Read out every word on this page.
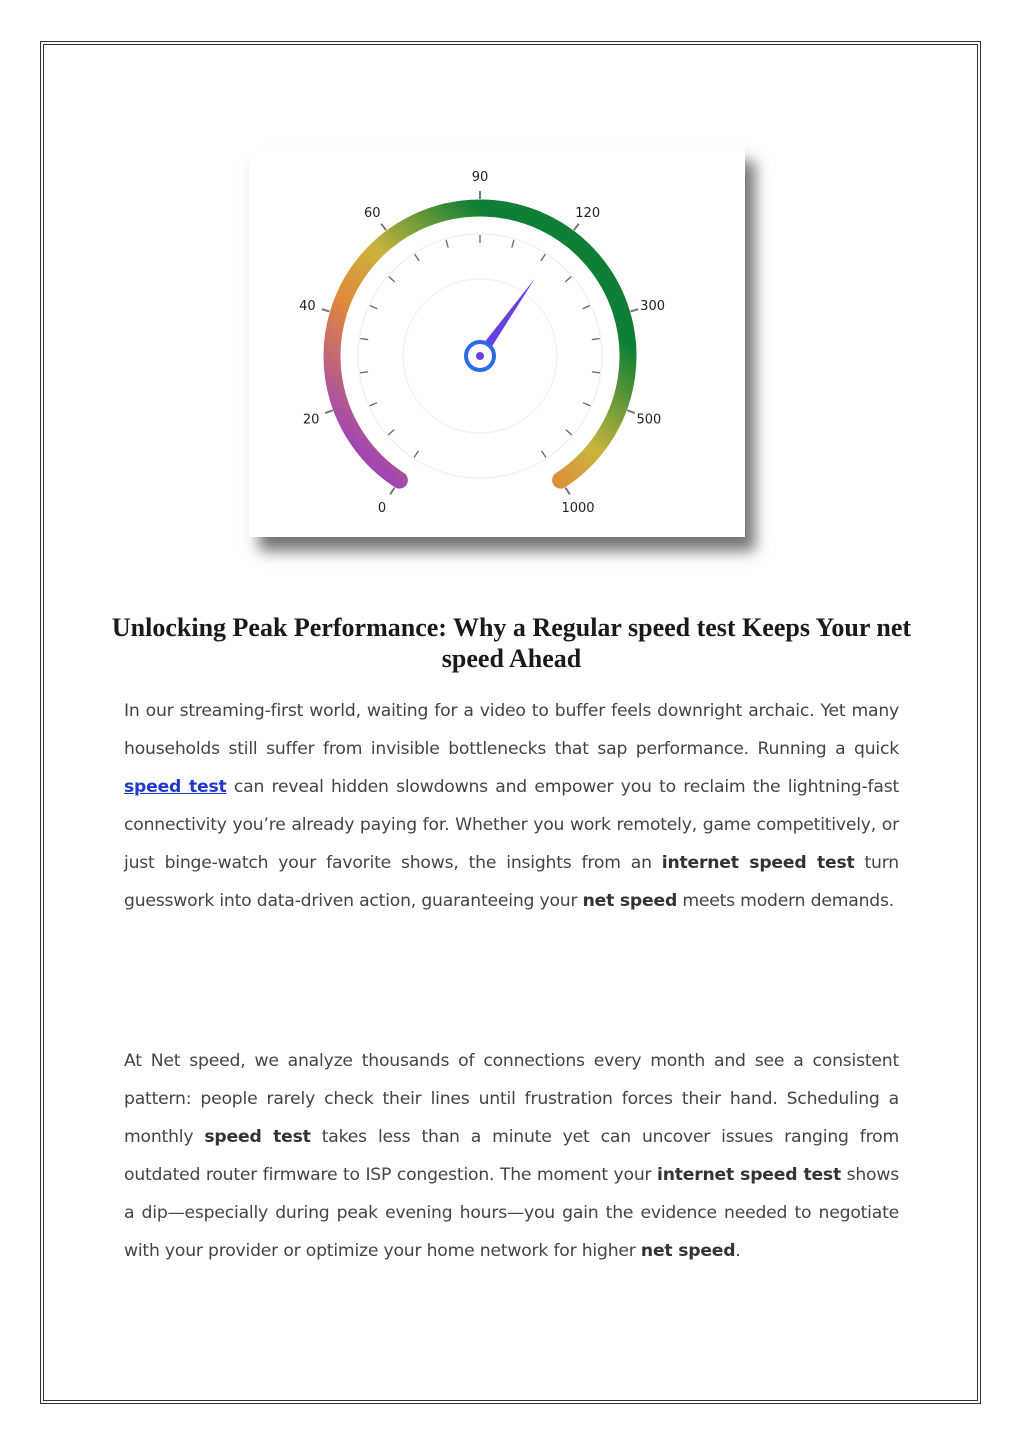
0
20
40
60
90
120
300
500
1000
Unlocking Peak Performance: Why a Regular speed test Keeps Your net speed Ahead

In our streaming-first world, waiting for a video to buffer feels downright archaic. Yet many households still suffer from invisible bottlenecks that sap performance. Running a quick speed test can reveal hidden slowdowns and empower you to reclaim the lightning-fast connectivity you’re already paying for. Whether you work remotely, game competitively, or just binge-watch your favorite shows, the insights from an internet speed test turn guesswork into data-driven action, guaranteeing your net speed meets modern demands.

At Net speed, we analyze thousands of connections every month and see a consistent pattern: people rarely check their lines until frustration forces their hand. Scheduling a monthly speed test takes less than a minute yet can uncover issues ranging from outdated router firmware to ISP congestion. The moment your internet speed test shows a dip—especially during peak evening hours—you gain the evidence needed to negotiate with your provider or optimize your home network for higher net speed.
